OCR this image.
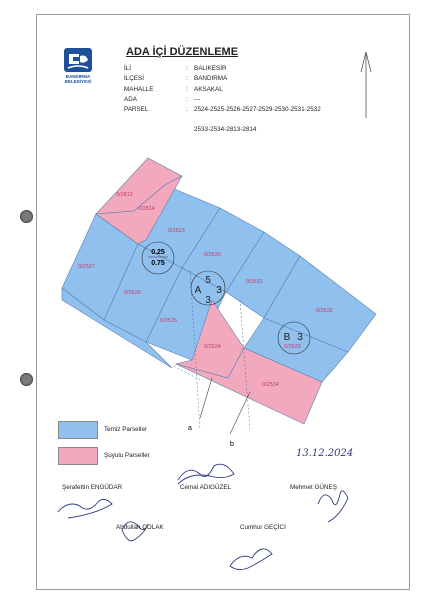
BANDIRMA
BELEDİYESİ
ADA İÇİ DÜZENLEME
İLİ	: BALIKESİR
İLÇESİ	: BANDIRMA
MAHALLE	: AKSAKAL
ADA	: ---
PARSEL	: 2524-2525-2526-2527-2529-2530-2531-2532
2533-2534-2813-2814
0/2813
0/2814
0/2523
0/2527
0/2530
0/2531
0/2526
0/2525
0/2524	0/2533
0/2534
0/2532
0.25
0.75
5
A 3
3
B 3
a
b
Temiz Parseller
Şuyulu Parseller	13.12.2024
Şerafettin ENGÜDAR	Cemal ADIGÜZEL	Mehmet GÜNEŞ
Abdullah ÇOLAK	Cumhur GEÇİCİ
